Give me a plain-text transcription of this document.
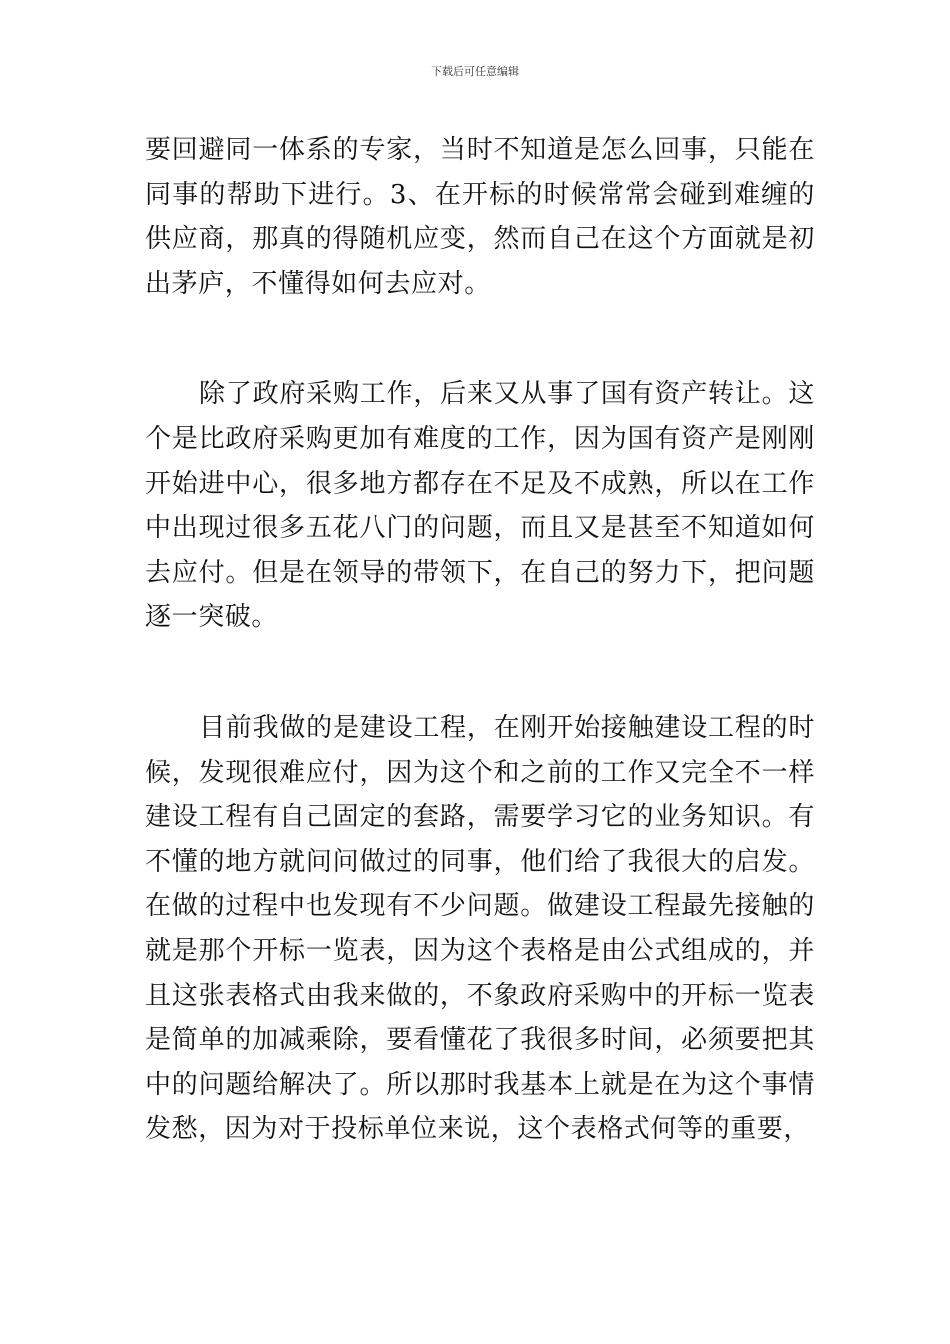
下载后可任意编辑

要回避同一体系的专家，当时不知道是怎么回事，只能在同事的帮助下进行。3、在开标的时候常常会碰到难缠的供应商，那真的得随机应变，然而自己在这个方面就是初出茅庐，不懂得如何去应对。

除了政府采购工作，后来又从事了国有资产转让。这个是比政府采购更加有难度的工作，因为国有资产是刚刚开始进中心，很多地方都存在不足及不成熟，所以在工作中出现过很多五花八门的问题，而且又是甚至不知道如何去应付。但是在领导的带领下，在自己的努力下，把问题逐一突破。

目前我做的是建设工程，在刚开始接触建设工程的时候，发现很难应付，因为这个和之前的工作又完全不一样建设工程有自己固定的套路，需要学习它的业务知识。有不懂的地方就问问做过的同事，他们给了我很大的启发。在做的过程中也发现有不少问题。做建设工程最先接触的就是那个开标一览表，因为这个表格是由公式组成的，并且这张表格式由我来做的，不象政府采购中的开标一览表是简单的加减乘除，要看懂花了我很多时间，必须要把其中的问题给解决了。所以那时我基本上就是在为这个事情发愁，因为对于投标单位来说，这个表格式何等的重要，
